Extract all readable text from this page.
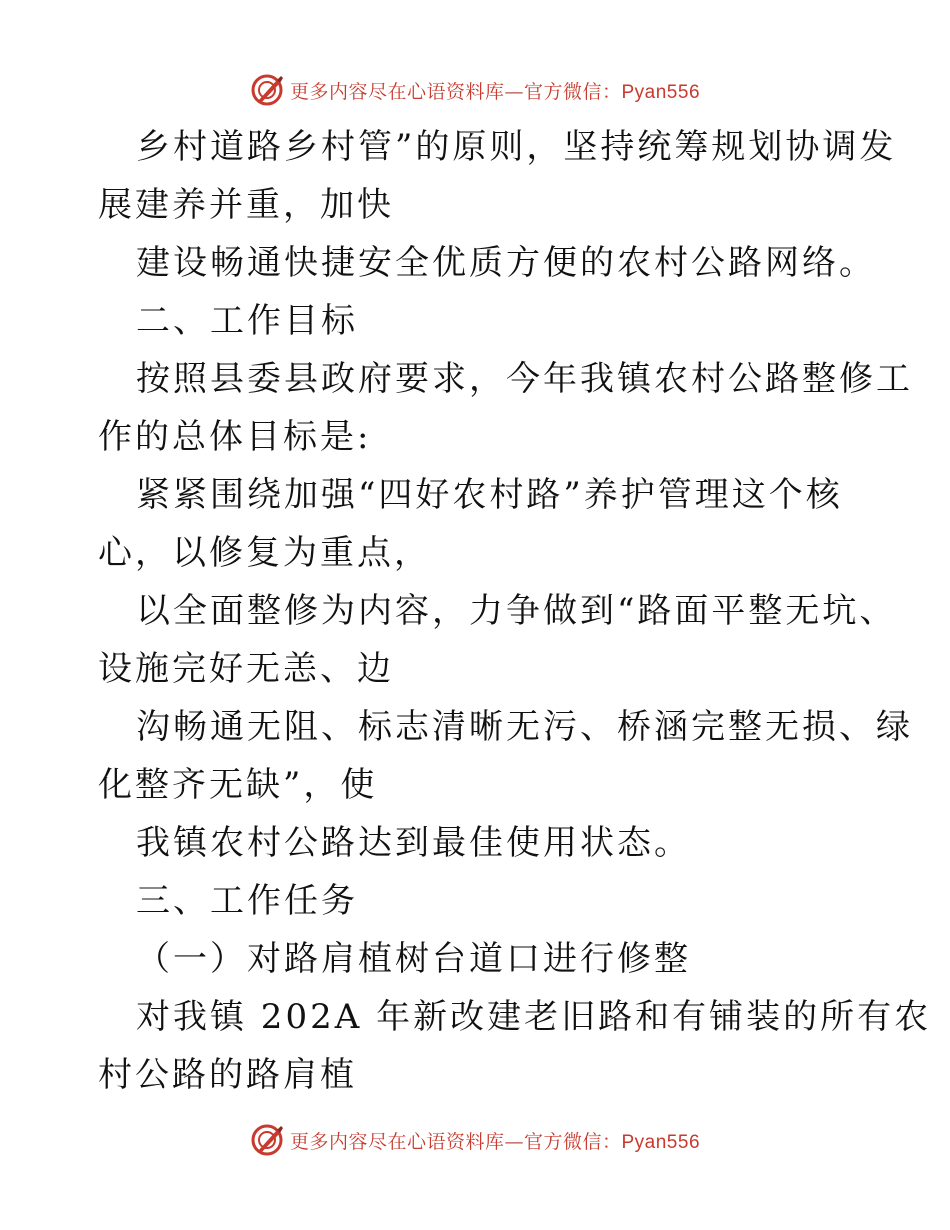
更多内容尽在心语资料库—官方微信：Pyan556
乡村道路乡村管”的原则，坚持统筹规划协调发
展建养并重，加快
建设畅通快捷安全优质方便的农村公路网络。
二、工作目标
按照县委县政府要求，今年我镇农村公路整修工
作的总体目标是:
紧紧围绕加强“四好农村路”养护管理这个核
心，以修复为重点，
以全面整修为内容，力争做到“路面平整无坑、
设施完好无恙、边
沟畅通无阻、标志清晰无污、桥涵完整无损、绿
化整齐无缺”，使
我镇农村公路达到最佳使用状态。
三、工作任务
（一）对路肩植树台道口进行修整
对我镇 202A 年新改建老旧路和有铺装的所有农
村公路的路肩植
更多内容尽在心语资料库—官方微信：Pyan556
